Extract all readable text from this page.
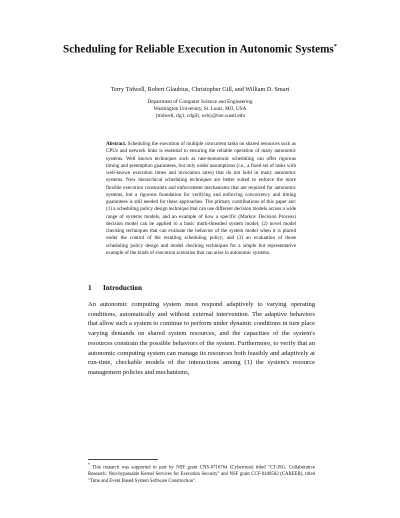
Scheduling for Reliable Execution in Autonomic Systems*
Terry Tidwell, Robert Glaubius, Christopher Gill, and William D. Smart
Department of Computer Science and Engineering
Washington University, St. Louis, MO, USA
{ttidwell, rlg1, cdgill, wds}@cse.wustl.edu
Abstract. Scheduling the execution of multiple concurrent tasks on shared resources such as CPUs and network links is essential to ensuring the reliable operation of many autonomic systems. Well known techniques such as rate-monotonic scheduling can offer rigorous timing and preemption guarantees, but only under assumptions (i.e., a fixed set of tasks with well-known execution times and invocation rates) that do not hold in many autonomic systems. New hierarchical scheduling techniques are better suited to enforce the more flexible execution constraints and enforcement mechanisms that are required for autonomic systems, but a rigorous foundation for verifying and enforcing concurrency and timing guarantees is still needed for these approaches. The primary contributions of this paper are: (1) a scheduling policy design technique that can use different decision models across a wide range of systems models, and an example of how a specific (Markov Decision Process) decision model can be applied to a basic multi-threaded system model; (2) novel model checking techniques that can evaluate the behavior of the system model when it is placed under the control of the resulting scheduling policy; and (3) an evaluation of those scheduling policy design and model checking techniques for a simple but representative example of the kinds of execution scenarios that can arise in autonomic systems.
1 Introduction
An autonomic computing system must respond adaptively to varying operating conditions, automatically and without external intervention. The adaptive behaviors that allow such a system to continue to perform under dynamic conditions in turn place varying demands on shared system resources, and the capacities of the system's resources constrain the possible behaviors of the system. Furthermore, to verify that an autonomic computing system can manage its resources both feasibly and adaptively at run-time, checkable models of the interactions among (1) the system's resource management policies and mechanisms,
* This research was supported in part by NSF grant CNS-0716764 (Cybertrust) titled "CT-ISG: Collaborative Research: Non-bypassable Kernel Services for Execution Security" and NSF grant CCF-0448562 (CAREER), titled "Time and Event Based System Software Construction".
